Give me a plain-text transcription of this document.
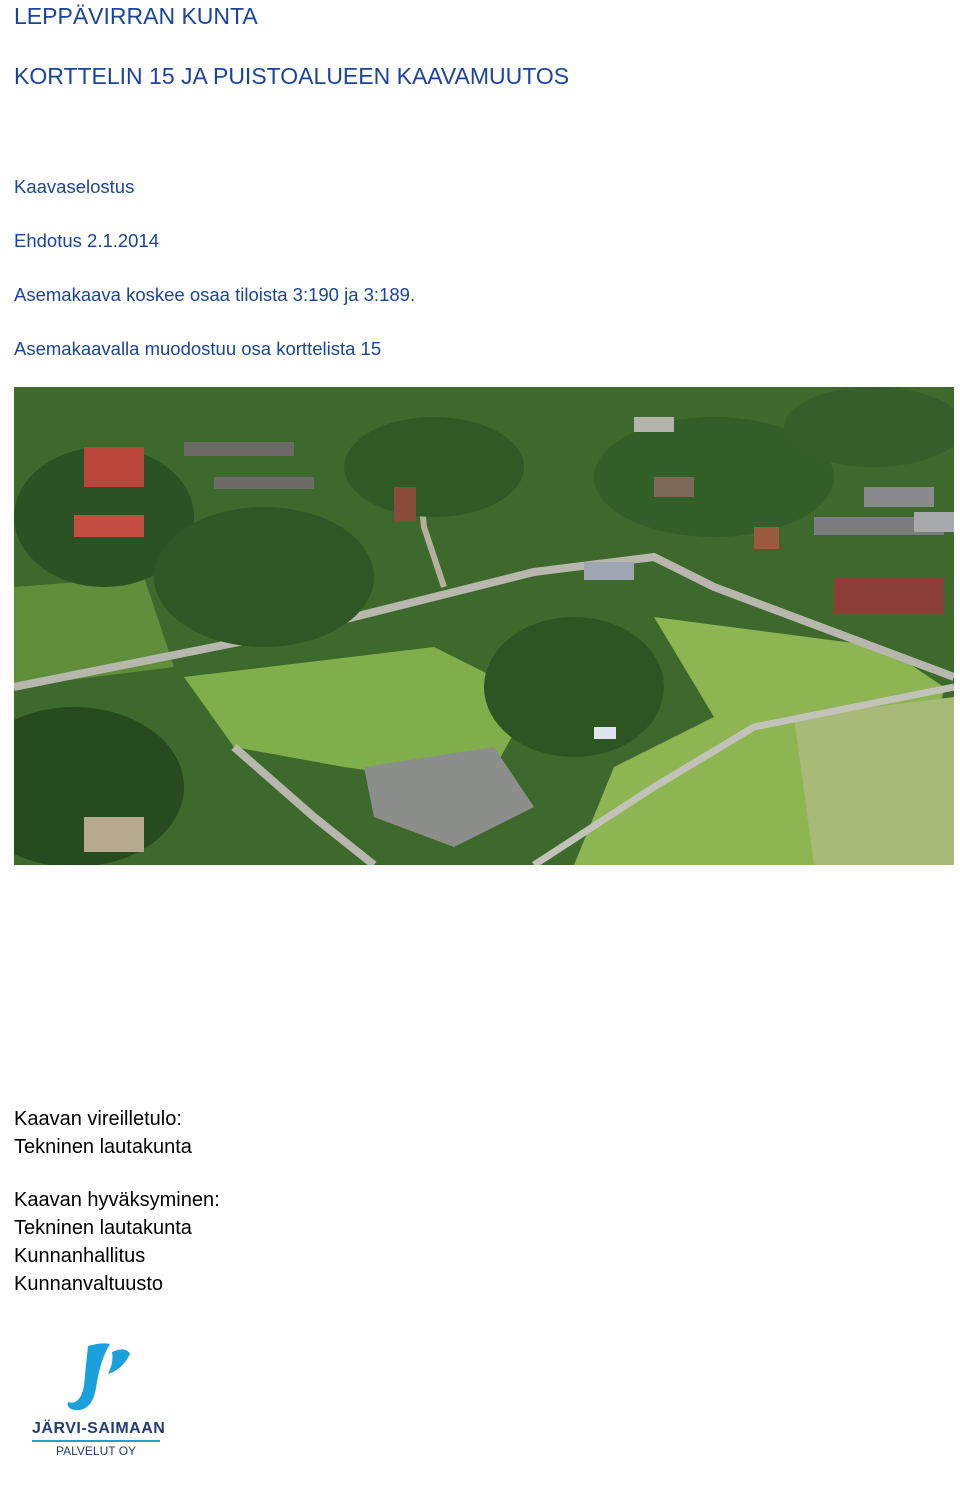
LEPPÄVIRRAN KUNTA
KORTTELIN 15 JA PUISTOALUEEN KAAVAMUUTOS
Kaavaselostus
Ehdotus 2.1.2014
Asemakaava koskee osaa tiloista 3:190 ja 3:189.
Asemakaavalla muodostuu osa korttelista 15
Kaavan vireilletulo:
Tekninen lautakunta
Kaavan hyväksyminen:
Tekninen lautakunta
Kunnanhallitus
Kunnanvaltuusto
JÄRVI-SAIMAAN
PALVELUT OY
